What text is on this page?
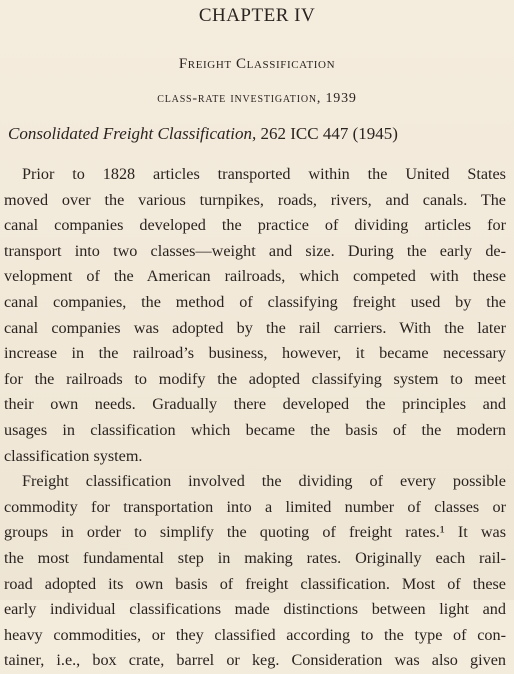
CHAPTER IV
Freight Classification
class-rate investigation, 1939
Consolidated Freight Classification, 262 ICC 447 (1945)
Prior to 1828 articles transported within the United States
moved over the various turnpikes, roads, rivers, and canals. The
canal companies developed the practice of dividing articles for
transport into two classes—weight and size. During the early de-
velopment of the American railroads, which competed with these
canal companies, the method of classifying freight used by the
canal companies was adopted by the rail carriers. With the later
increase in the railroad’s business, however, it became necessary
for the railroads to modify the adopted classifying system to meet
their own needs. Gradually there developed the principles and
usages in classification which became the basis of the modern
classification system.
Freight classification involved the dividing of every possible
commodity for transportation into a limited number of classes or
groups in order to simplify the quoting of freight rates.¹ It was
the most fundamental step in making rates. Originally each rail-
road adopted its own basis of freight classification. Most of these
early individual classifications made distinctions between light and
heavy commodities, or they classified according to the type of con-
tainer, i.e., box crate, barrel or keg. Consideration was also given
